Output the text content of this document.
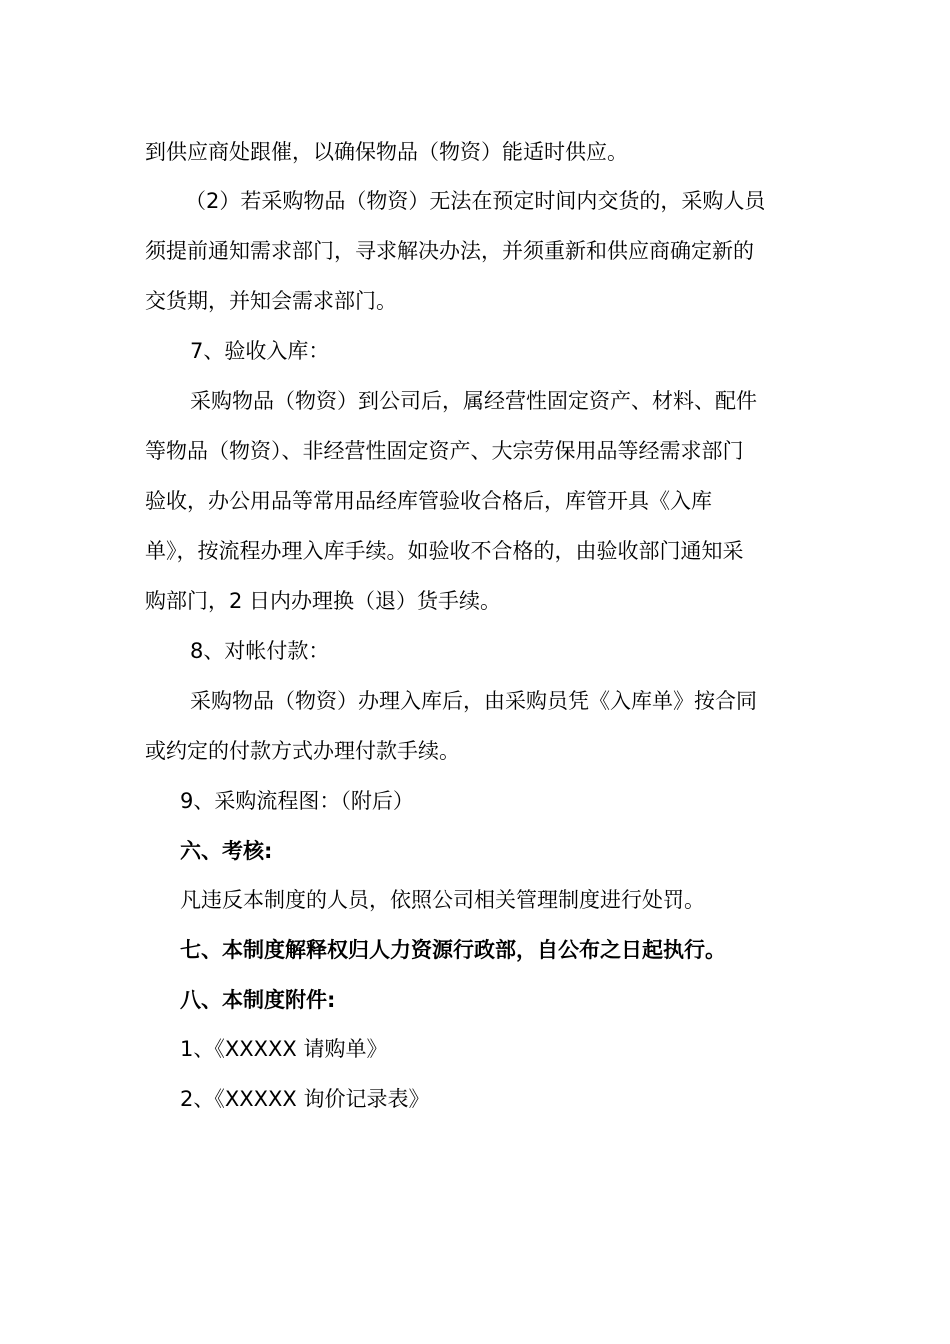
到供应商处跟催，以确保物品（物资）能适时供应。
（2）若采购物品（物资）无法在预定时间内交货的，采购人员
须提前通知需求部门，寻求解决办法，并须重新和供应商确定新的
交货期，并知会需求部门。
7、验收入库：
采购物品（物资）到公司后，属经营性固定资产、材料、配件
等物品（物资）、非经营性固定资产、大宗劳保用品等经需求部门
验收，办公用品等常用品经库管验收合格后，库管开具《入库
单》，按流程办理入库手续。如验收不合格的，由验收部门通知采
购部门，2 日内办理换（退）货手续。
8、对帐付款：
采购物品（物资）办理入库后，由采购员凭《入库单》按合同
或约定的付款方式办理付款手续。
9、采购流程图：（附后）
六、考核:
凡违反本制度的人员，依照公司相关管理制度进行处罚。
七、本制度解释权归人力资源行政部，自公布之日起执行。
八、本制度附件:
1、《XXXXX 请购单》
2、《XXXXX 询价记录表》
